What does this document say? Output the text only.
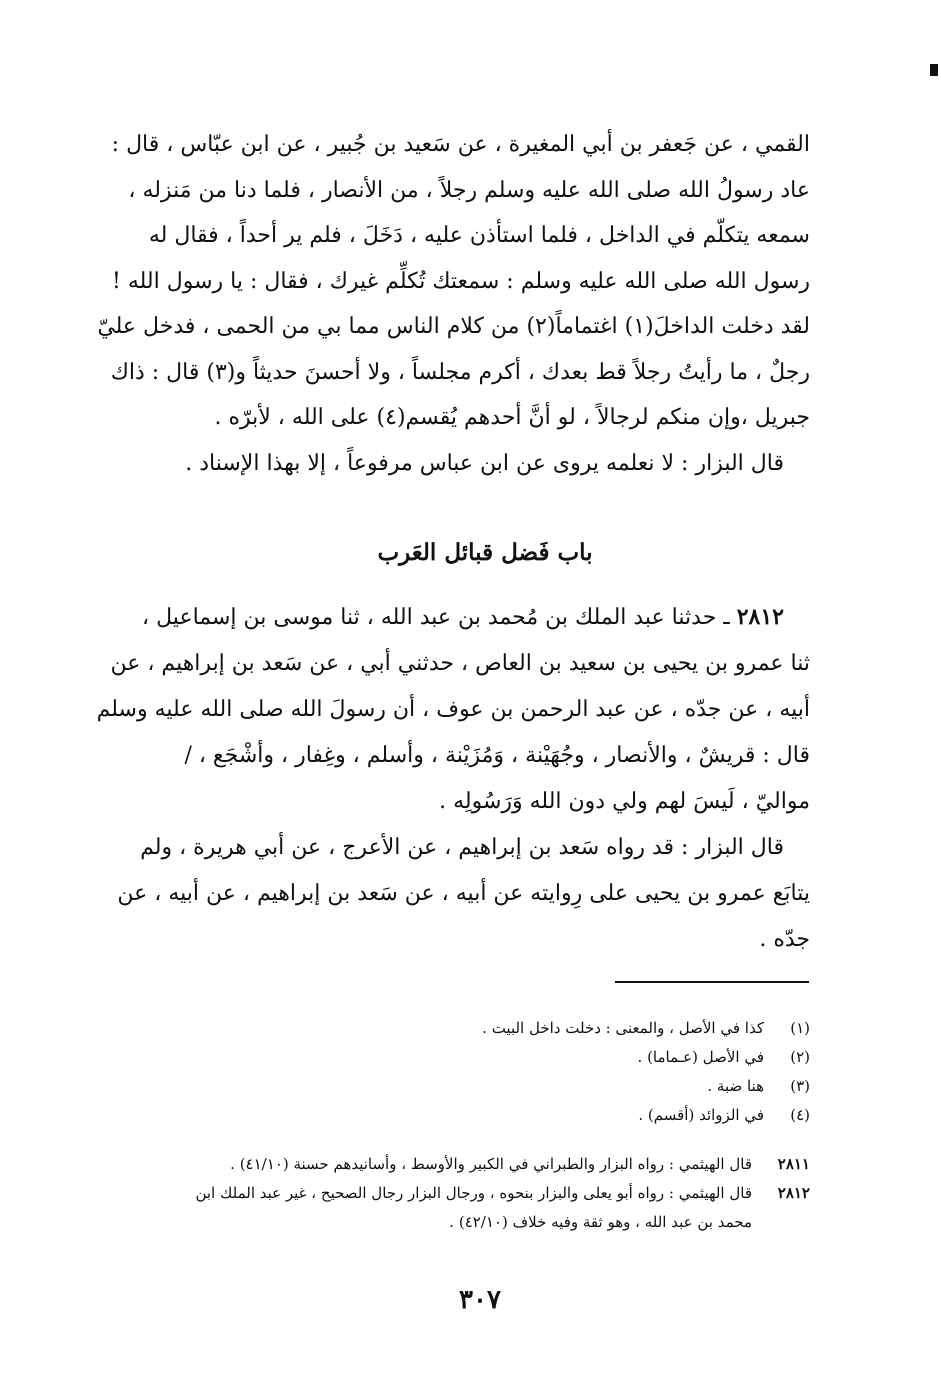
القمي ، عن جَعفر بن أبي المغيرة ، عن سَعيد بن جُبير ، عن ابن عبّاس ، قال :
عاد رسولُ الله صلى الله عليه وسلم رجلاً ، من الأنصار ، فلما دنا من مَنزله ،
سمعه يتكلّم في الداخل ، فلما استأذن عليه ، دَخَلَ ، فلم ير أحداً ، فقال له
رسول الله صلى الله عليه وسلم : سمعتك تُكلِّم غيرك ، فقال : يا رسول الله !
لقد دخلت الداخلَ(١) اغتماماً(٢) من كلام الناس مما بي من الحمى ، فدخل عليّ
رجلٌ ، ما رأيتُ رجلاً قط بعدك ، أكرم مجلساً ، ولا أحسنَ حديثاً و(٣) قال : ذاك
جبريل ،وإن منكم لرجالاً ، لو أنَّ أحدهم يُقسم(٤) على الله ، لأبرّه .
قال البزار : لا نعلمه يروى عن ابن عباس مرفوعاً ، إلا بهذا الإسناد .
باب فَضل قبائل العَرب
٢٨١٢ ـ حدثنا عبد الملك بن مُحمد بن عبد الله ، ثنا موسى بن إسماعيل ،
ثنا عمرو بن يحيى بن سعيد بن العاص ، حدثني أبي ، عن سَعد بن إبراهيم ، عن
أبيه ، عن جدّه ، عن عبد الرحمن بن عوف ، أن رسولَ الله صلى الله عليه وسلم
قال : قريشٌ ، والأنصار ، وجُهَيْنة ، وَمُزَيْنة ، وأسلم ، وغِفار ، وأشْجَع ، /
مواليّ ، لَيسَ لهم ولي دون الله وَرَسُولِه .
قال البزار : قد رواه سَعد بن إبراهيم ، عن الأعرج ، عن أبي هريرة ، ولم
يتابَع عمرو بن يحيى على رِوايته عن أبيه ، عن سَعد بن إبراهيم ، عن أبيه ، عن
جدّه .
(١)
كذا في الأصل ، والمعنى : دخلت داخل البيت .
(٢)
في الأصل (عـماما) .
(٣)
هنا ضبة .
(٤)
في الزوائد (أقسم) .
٢٨١١
قال الهيثمي : رواه البزار والطبراني في الكبير والأوسط ، وأسانيدهم حسنة (٤١/١٠) .
٢٨١٢
قال الهيثمي : رواه أبو يعلى والبزار بنحوه ، ورجال البزار رجال الصحيح ، غير عبد الملك ابن محمد بن عبد الله ، وهو ثقة وفيه خلاف (٤٢/١٠) .
٣٠٧
